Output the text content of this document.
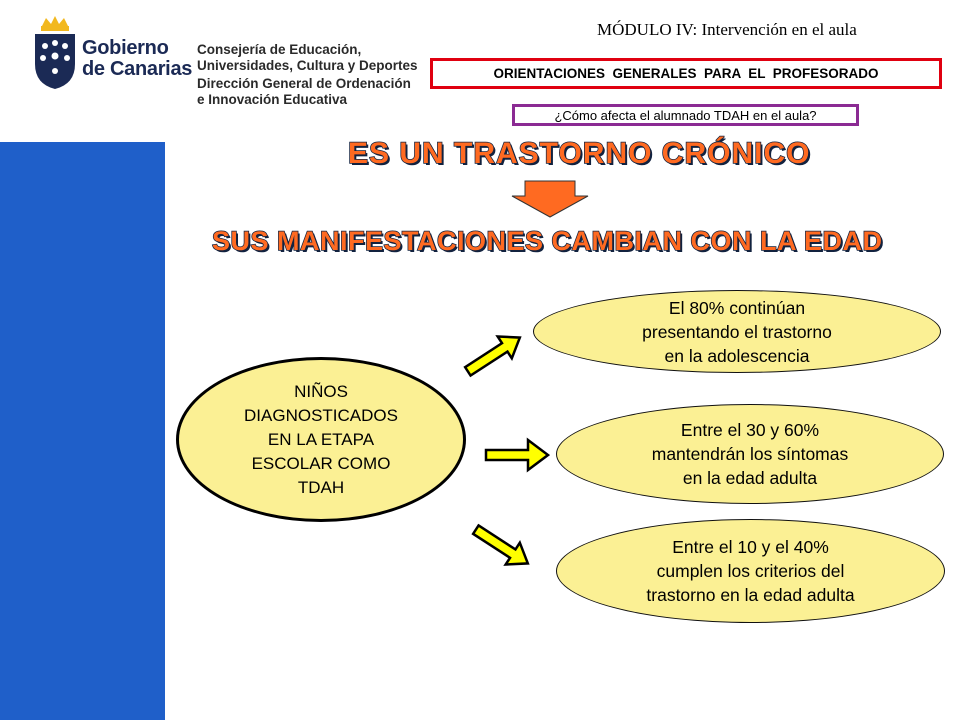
Gobierno
de Canarias
Consejería de Educación,
Universidades, Cultura y Deportes
Dirección General de Ordenación
e Innovación Educativa
MÓDULO IV: Intervención en el aula
ORIENTACIONES  GENERALES  PARA  EL  PROFESORADO
¿Cómo afecta el alumnado TDAH en el aula?
ES UN TRASTORNO CRÓNICO
SUS MANIFESTACIONES CAMBIAN CON LA EDAD
NIÑOS
DIAGNOSTICADOS
EN LA ETAPA
ESCOLAR COMO
TDAH
El 80% continúan
presentando el trastorno
en la adolescencia
Entre el 30 y 60%
mantendrán los síntomas
en la edad adulta
Entre el 10 y el 40%
cumplen los criterios del
trastorno en la edad adulta
